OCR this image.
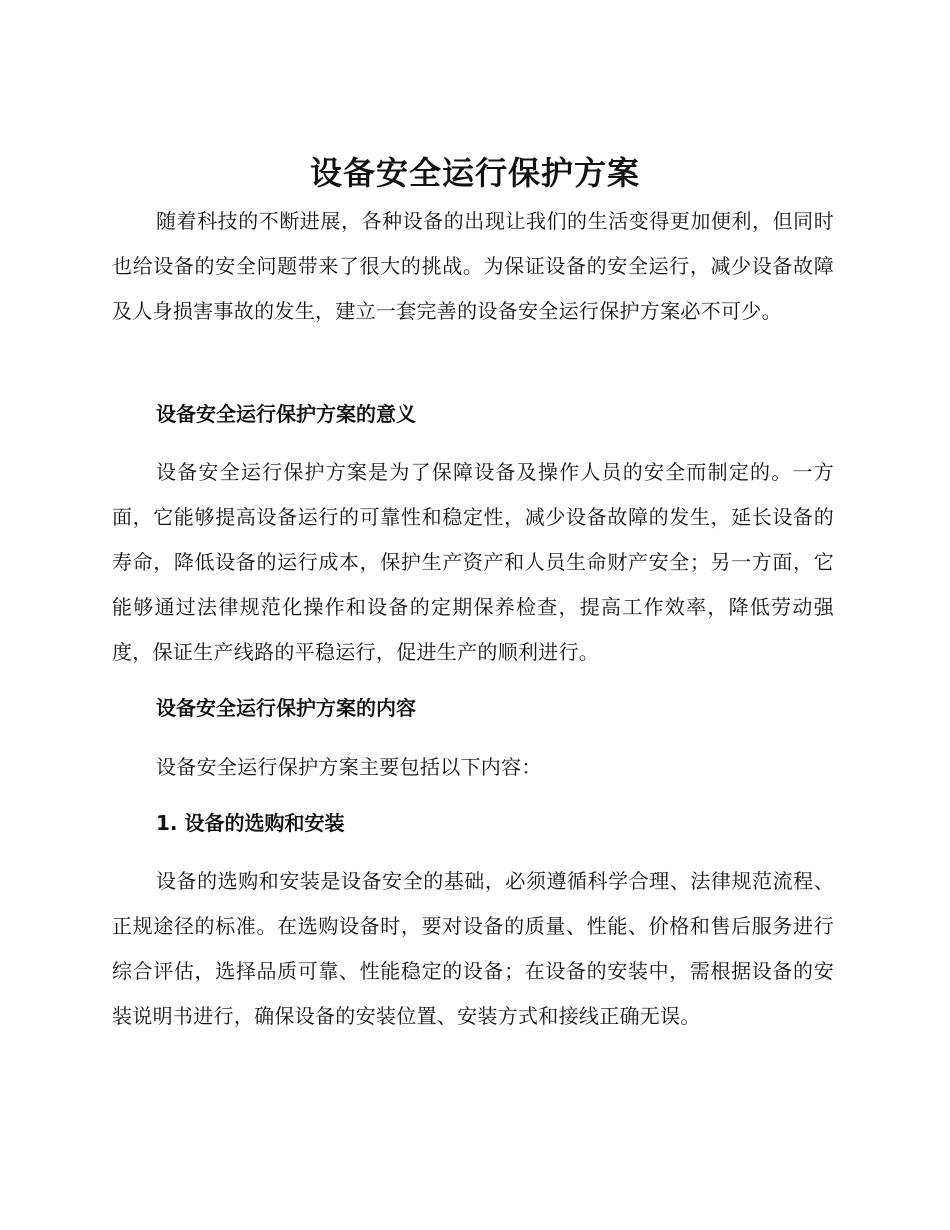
设备安全运行保护方案

随着科技的不断进展，各种设备的出现让我们的生活变得更加便利，但同时也给设备的安全问题带来了很大的挑战。为保证设备的安全运行，减少设备故障及人身损害事故的发生，建立一套完善的设备安全运行保护方案必不可少。

设备安全运行保护方案的意义

设备安全运行保护方案是为了保障设备及操作人员的安全而制定的。一方面，它能够提高设备运行的可靠性和稳定性，减少设备故障的发生，延长设备的寿命，降低设备的运行成本，保护生产资产和人员生命财产安全；另一方面，它能够通过法律规范化操作和设备的定期保养检查，提高工作效率，降低劳动强度，保证生产线路的平稳运行，促进生产的顺利进行。

设备安全运行保护方案的内容

设备安全运行保护方案主要包括以下内容：

1. 设备的选购和安装

设备的选购和安装是设备安全的基础，必须遵循科学合理、法律规范流程、正规途径的标准。在选购设备时，要对设备的质量、性能、价格和售后服务进行综合评估，选择品质可靠、性能稳定的设备；在设备的安装中，需根据设备的安装说明书进行，确保设备的安装位置、安装方式和接线正确无误。
